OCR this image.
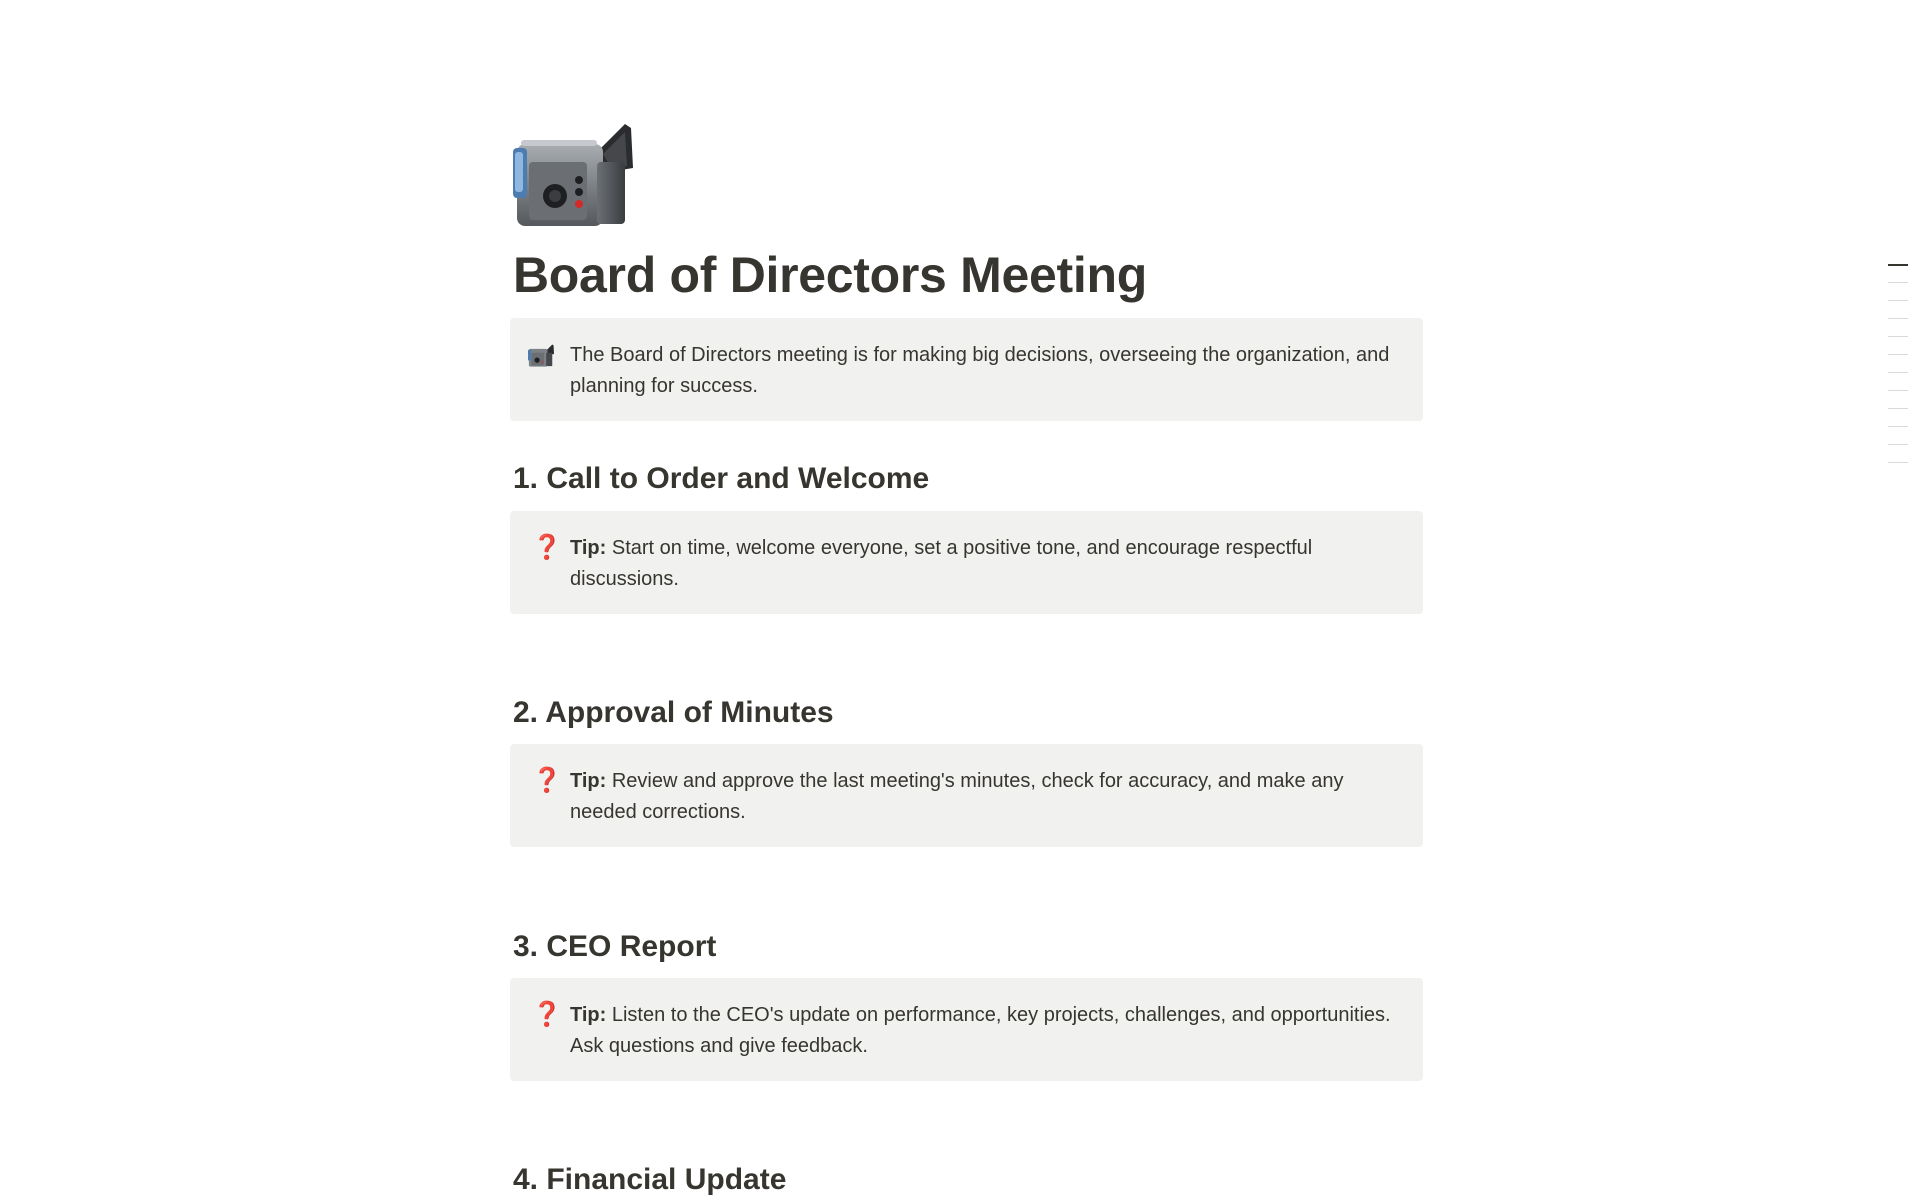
Board of Directors Meeting
The Board of Directors meeting is for making big decisions, overseeing the organization, and planning for success.
1. Call to Order and Welcome
❓ Tip: Start on time, welcome everyone, set a positive tone, and encourage respectful discussions.
2. Approval of Minutes
❓ Tip: Review and approve the last meeting's minutes, check for accuracy, and make any needed corrections.
3. CEO Report
❓ Tip: Listen to the CEO's update on performance, key projects, challenges, and opportunities. Ask questions and give feedback.
4. Financial Update
